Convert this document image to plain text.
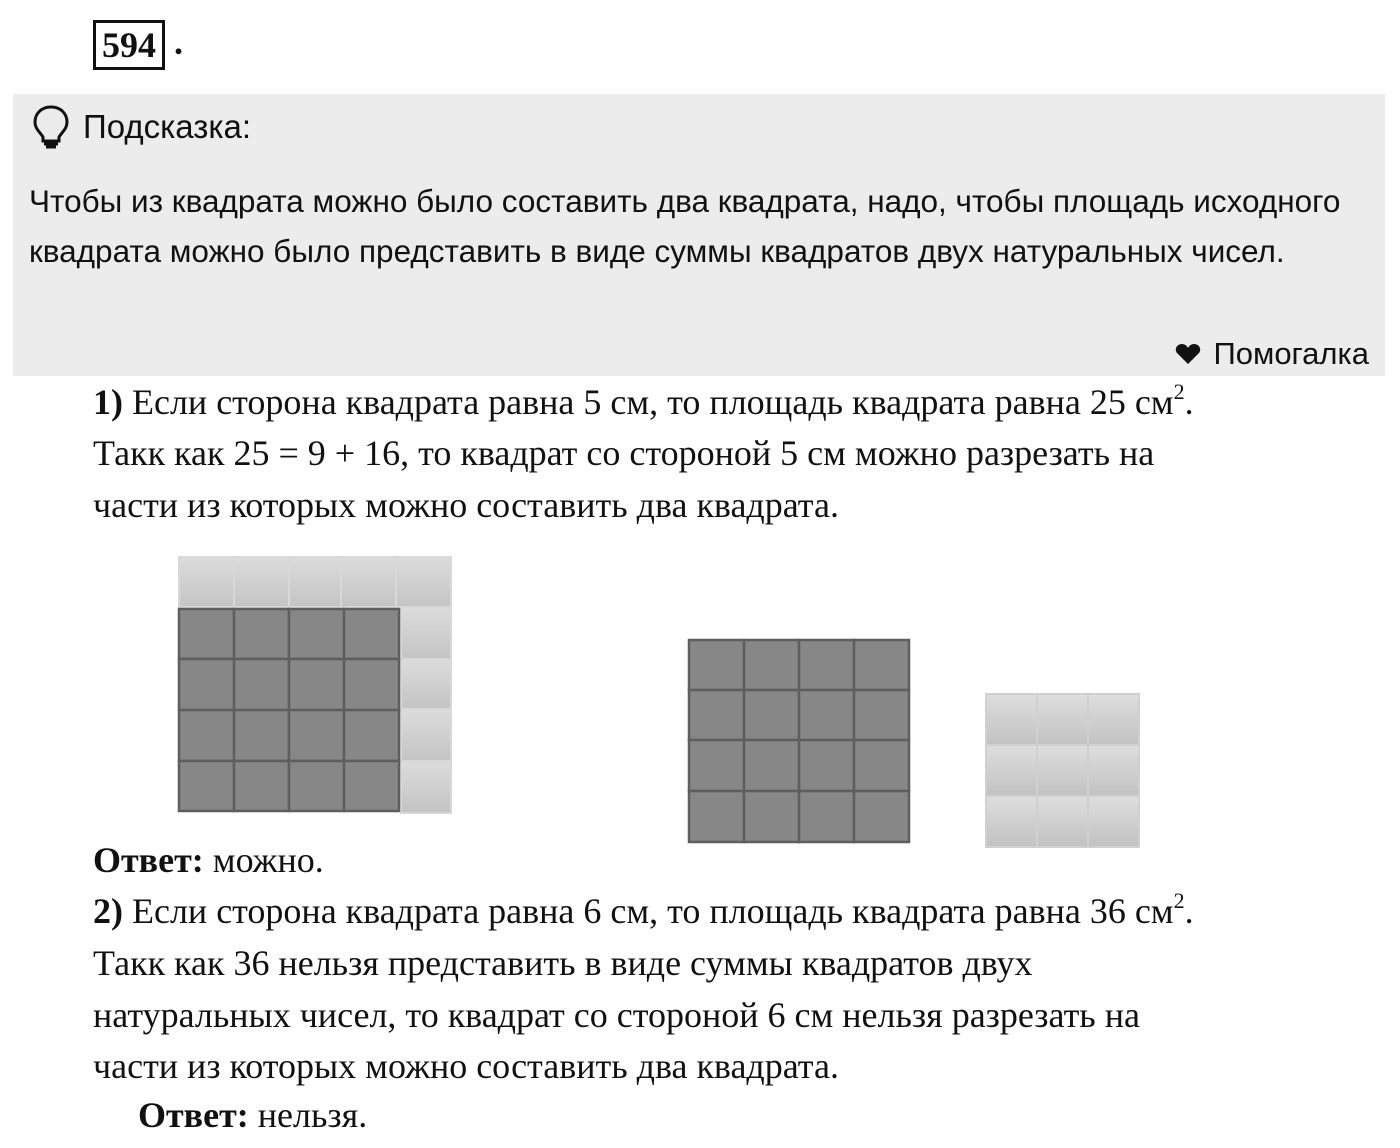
594 .
Подсказка:
Чтобы из квадрата можно было составить два квадрата, надо, чтобы площадь исходного квадрата можно было представить в виде суммы квадратов двух натуральных чисел.
Помогалка
1) Если сторона квадрата равна 5 см, то площадь квадрата равна 25 $см^2$.
Такк как 25 = 9 + 16, то квадрат со стороной 5 см можно разрезать на
части из которых можно составить два квадрата.
Ответ: можно.
2) Если сторона квадрата равна 6 см, то площадь квадрата равна 36 $см^2$.
Такк как 36 нельзя представить в виде суммы квадратов двух
натуральных чисел, то квадрат со стороной 6 см нельзя разрезать на
части из которых можно составить два квадрата.
Ответ: нельзя.
